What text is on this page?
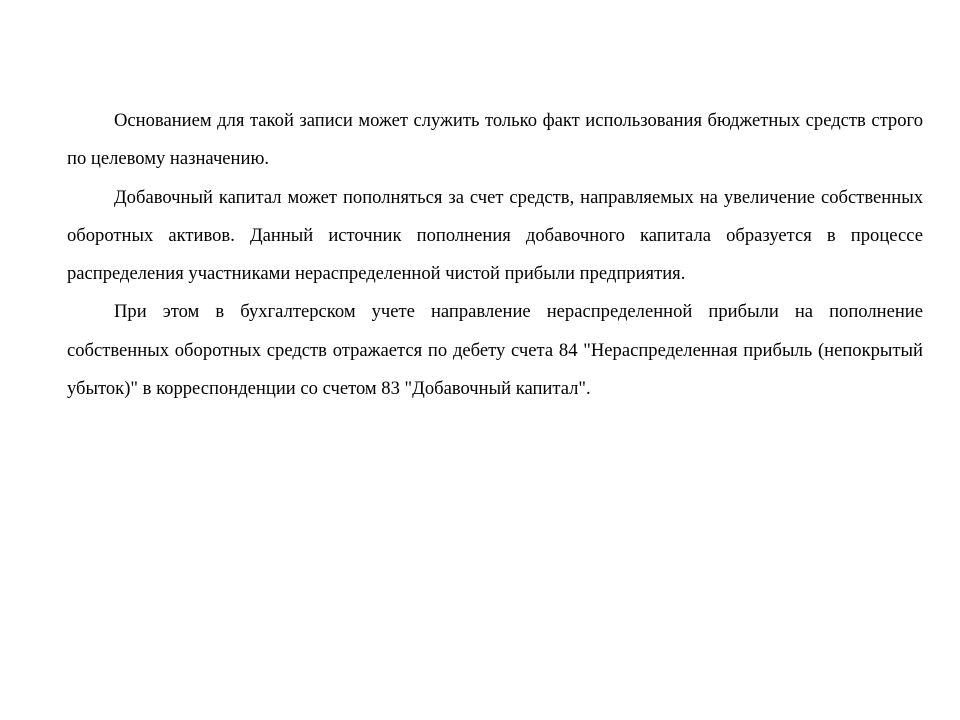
Основанием для такой записи может служить только факт использования бюджетных средств строго по целевому назначению.

Добавочный капитал может пополняться за счет средств, направляемых на увеличение собственных оборотных активов. Данный источник пополнения добавочного капитала образуется в процессе распределения участниками нераспределенной чистой прибыли предприятия.

При этом в бухгалтерском учете направление нераспределенной прибыли на пополнение собственных оборотных средств отражается по дебету счета 84 "Нераспределенная прибыль (непокрытый убыток)" в корреспонденции со счетом 83 "Добавочный капитал".
